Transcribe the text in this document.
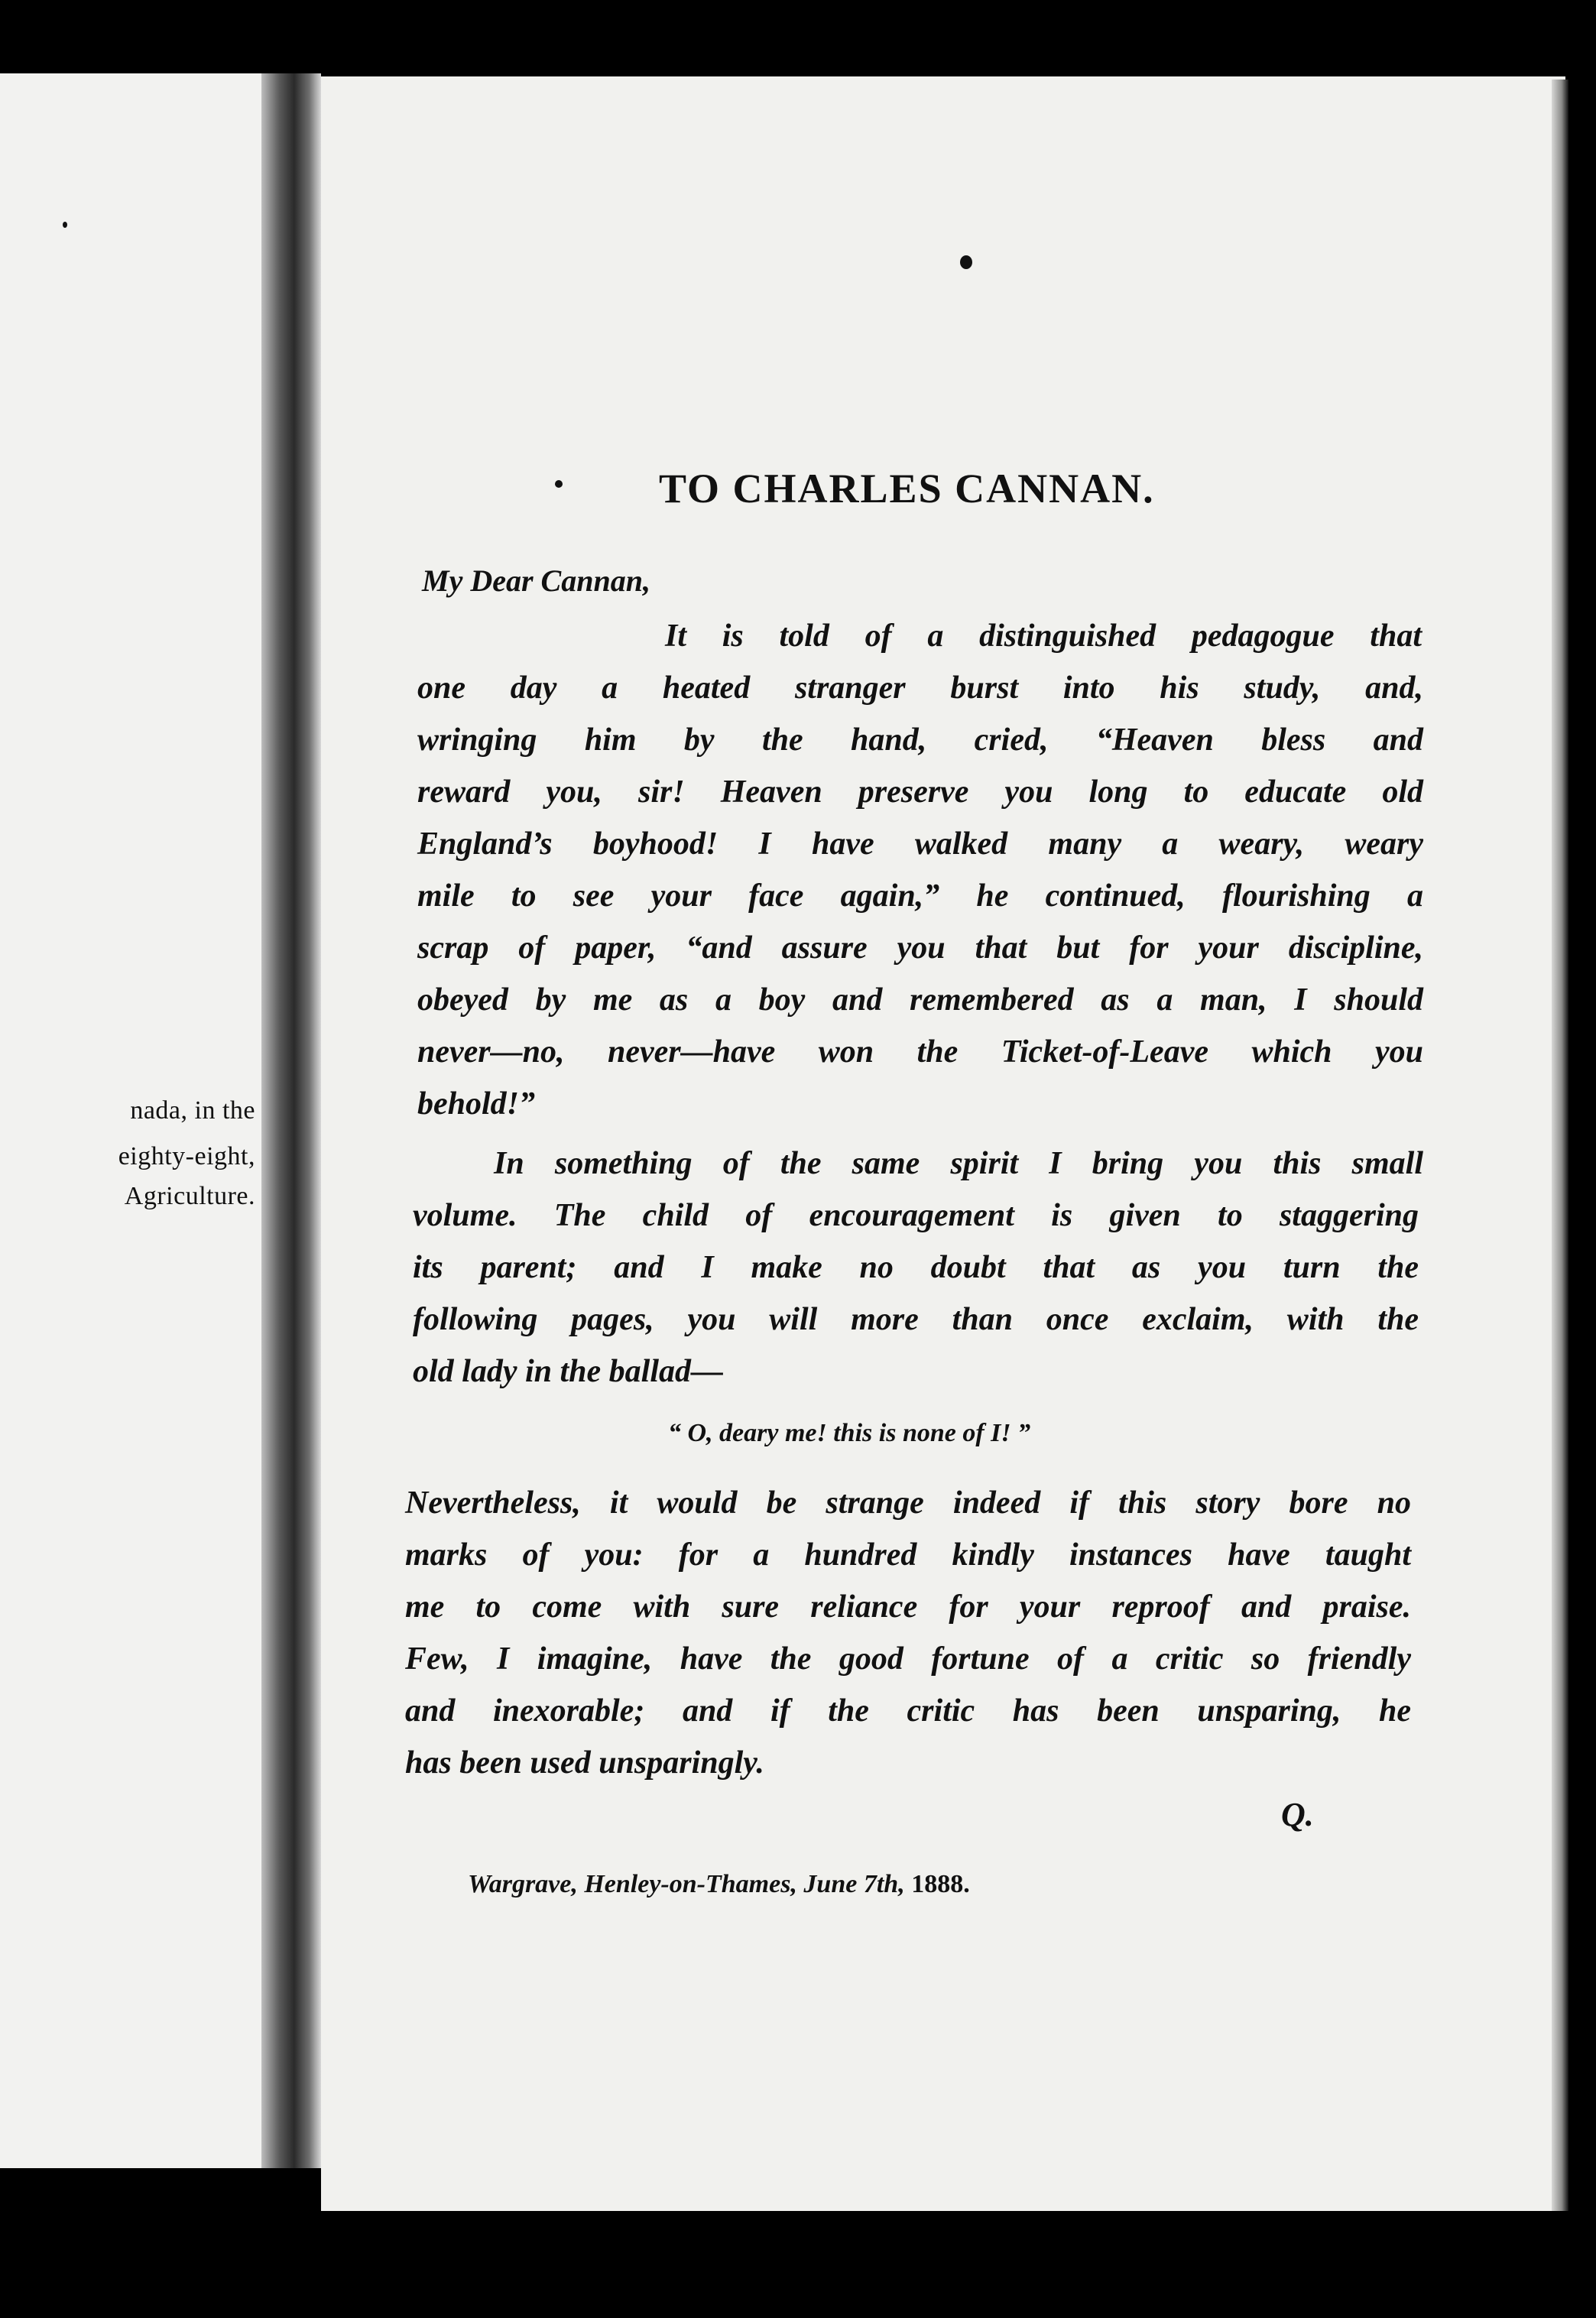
nada, in the
eighty-eight,
Agriculture.
TO CHARLES CANNAN.
My Dear Cannan,
It is told of a distinguished pedagogue that
one day a heated stranger burst into his study, and,
wringing him by the hand, cried, “Heaven bless and
reward you, sir! Heaven preserve you long to educate old
England’s boyhood! I have walked many a weary, weary
mile to see your face again,” he continued, flourishing a
scrap of paper, “and assure you that but for your discipline,
obeyed by me as a boy and remembered as a man, I should
never—no, never—have won the Ticket-of-Leave which you
behold!”
In something of the same spirit I bring you this small
volume. The child of encouragement is given to staggering
its parent; and I make no doubt that as you turn the
following pages, you will more than once exclaim, with the
old lady in the ballad—
“ O, deary me! this is none of I! ”
Nevertheless, it would be strange indeed if this story bore no
marks of you: for a hundred kindly instances have taught
me to come with sure reliance for your reproof and praise.
Few, I imagine, have the good fortune of a critic so friendly
and inexorable; and if the critic has been unsparing, he
has been used unsparingly.
Q.
Wargrave, Henley-on-Thames, June 7th, 1888.
